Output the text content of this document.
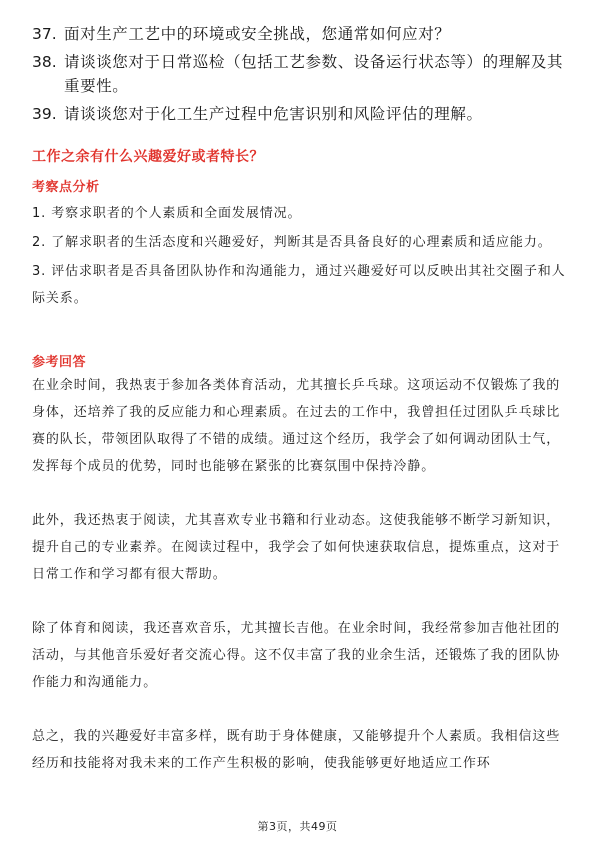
37. 面对生产工艺中的环境或安全挑战，您通常如何应对？
38. 请谈谈您对于日常巡检（包括工艺参数、设备运行状态等）的理解及其重要性。
39. 请谈谈您对于化工生产过程中危害识别和风险评估的理解。
工作之余有什么兴趣爱好或者特长？
考察点分析
1. 考察求职者的个人素质和全面发展情况。
2. 了解求职者的生活态度和兴趣爱好，判断其是否具备良好的心理素质和适应能力。
3. 评估求职者是否具备团队协作和沟通能力，通过兴趣爱好可以反映出其社交圈子和人际关系。
参考回答

在业余时间，我热衷于参加各类体育活动，尤其擅长乒乓球。这项运动不仅锻炼了我的身体，还培养了我的反应能力和心理素质。在过去的工作中，我曾担任过团队乒乓球比赛的队长，带领团队取得了不错的成绩。通过这个经历，我学会了如何调动团队士气，发挥每个成员的优势，同时也能够在紧张的比赛氛围中保持冷静。

此外，我还热衷于阅读，尤其喜欢专业书籍和行业动态。这使我能够不断学习新知识，提升自己的专业素养。在阅读过程中，我学会了如何快速获取信息，提炼重点，这对于日常工作和学习都有很大帮助。

除了体育和阅读，我还喜欢音乐，尤其擅长吉他。在业余时间，我经常参加吉他社团的活动，与其他音乐爱好者交流心得。这不仅丰富了我的业余生活，还锻炼了我的团队协作能力和沟通能力。

总之，我的兴趣爱好丰富多样，既有助于身体健康，又能够提升个人素质。我相信这些经历和技能将对我未来的工作产生积极的影响，使我能够更好地适应工作环

第3页，共49页
